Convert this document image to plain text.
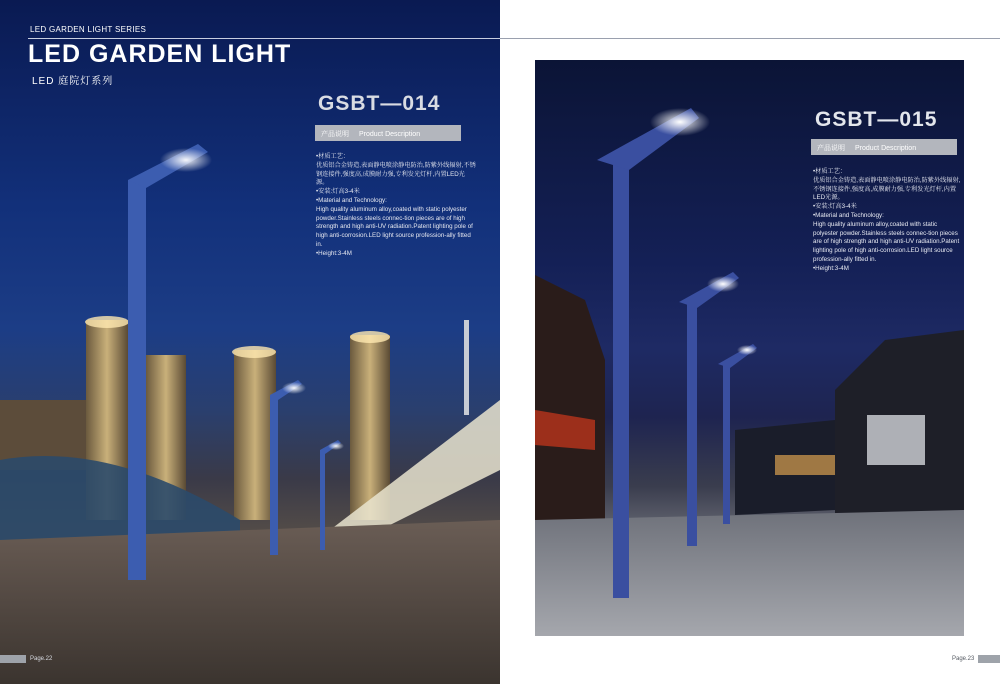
LED GARDEN LIGHT SERIES
LED GARDEN LIGHT
LED 庭院灯系列
GSBT—014
产品说明 Product Description
•材质工艺：
优质铝合金铸造,表面静电喷涂静电防治,防紫外线辐射,不锈钢连接件,强度高,成膜耐力强,专利发光灯杆,内置LED光源。
•安装:灯高3-4米
•Material and Technology:
High quality aluminum alloy,coated with static polyester powder.Stainless steels connec-tion pieces are of high strength and high anti-UV radiation.Patent lighting pole of high anti-corrosion.LED light source profession-ally fitted in.
•Height:3-4M
Page.22
GSBT—015
产品说明 Product Description
•材质工艺：
优质铝合金铸造,表面静电喷涂静电防治,防紫外线辐射,不锈钢连接件,强度高,成膜耐力强,专利发光灯杆,内置LED光源。
•安装:灯高3-4米
•Material and Technology:
High quality aluminum alloy,coated with static polyester powder.Stainless steels connec-tion pieces are of high strength and high anti-UV radiation.Patent lighting pole of high anti-corrosion.LED light source profession-ally fitted in.
•Height:3-4M
Page.23
